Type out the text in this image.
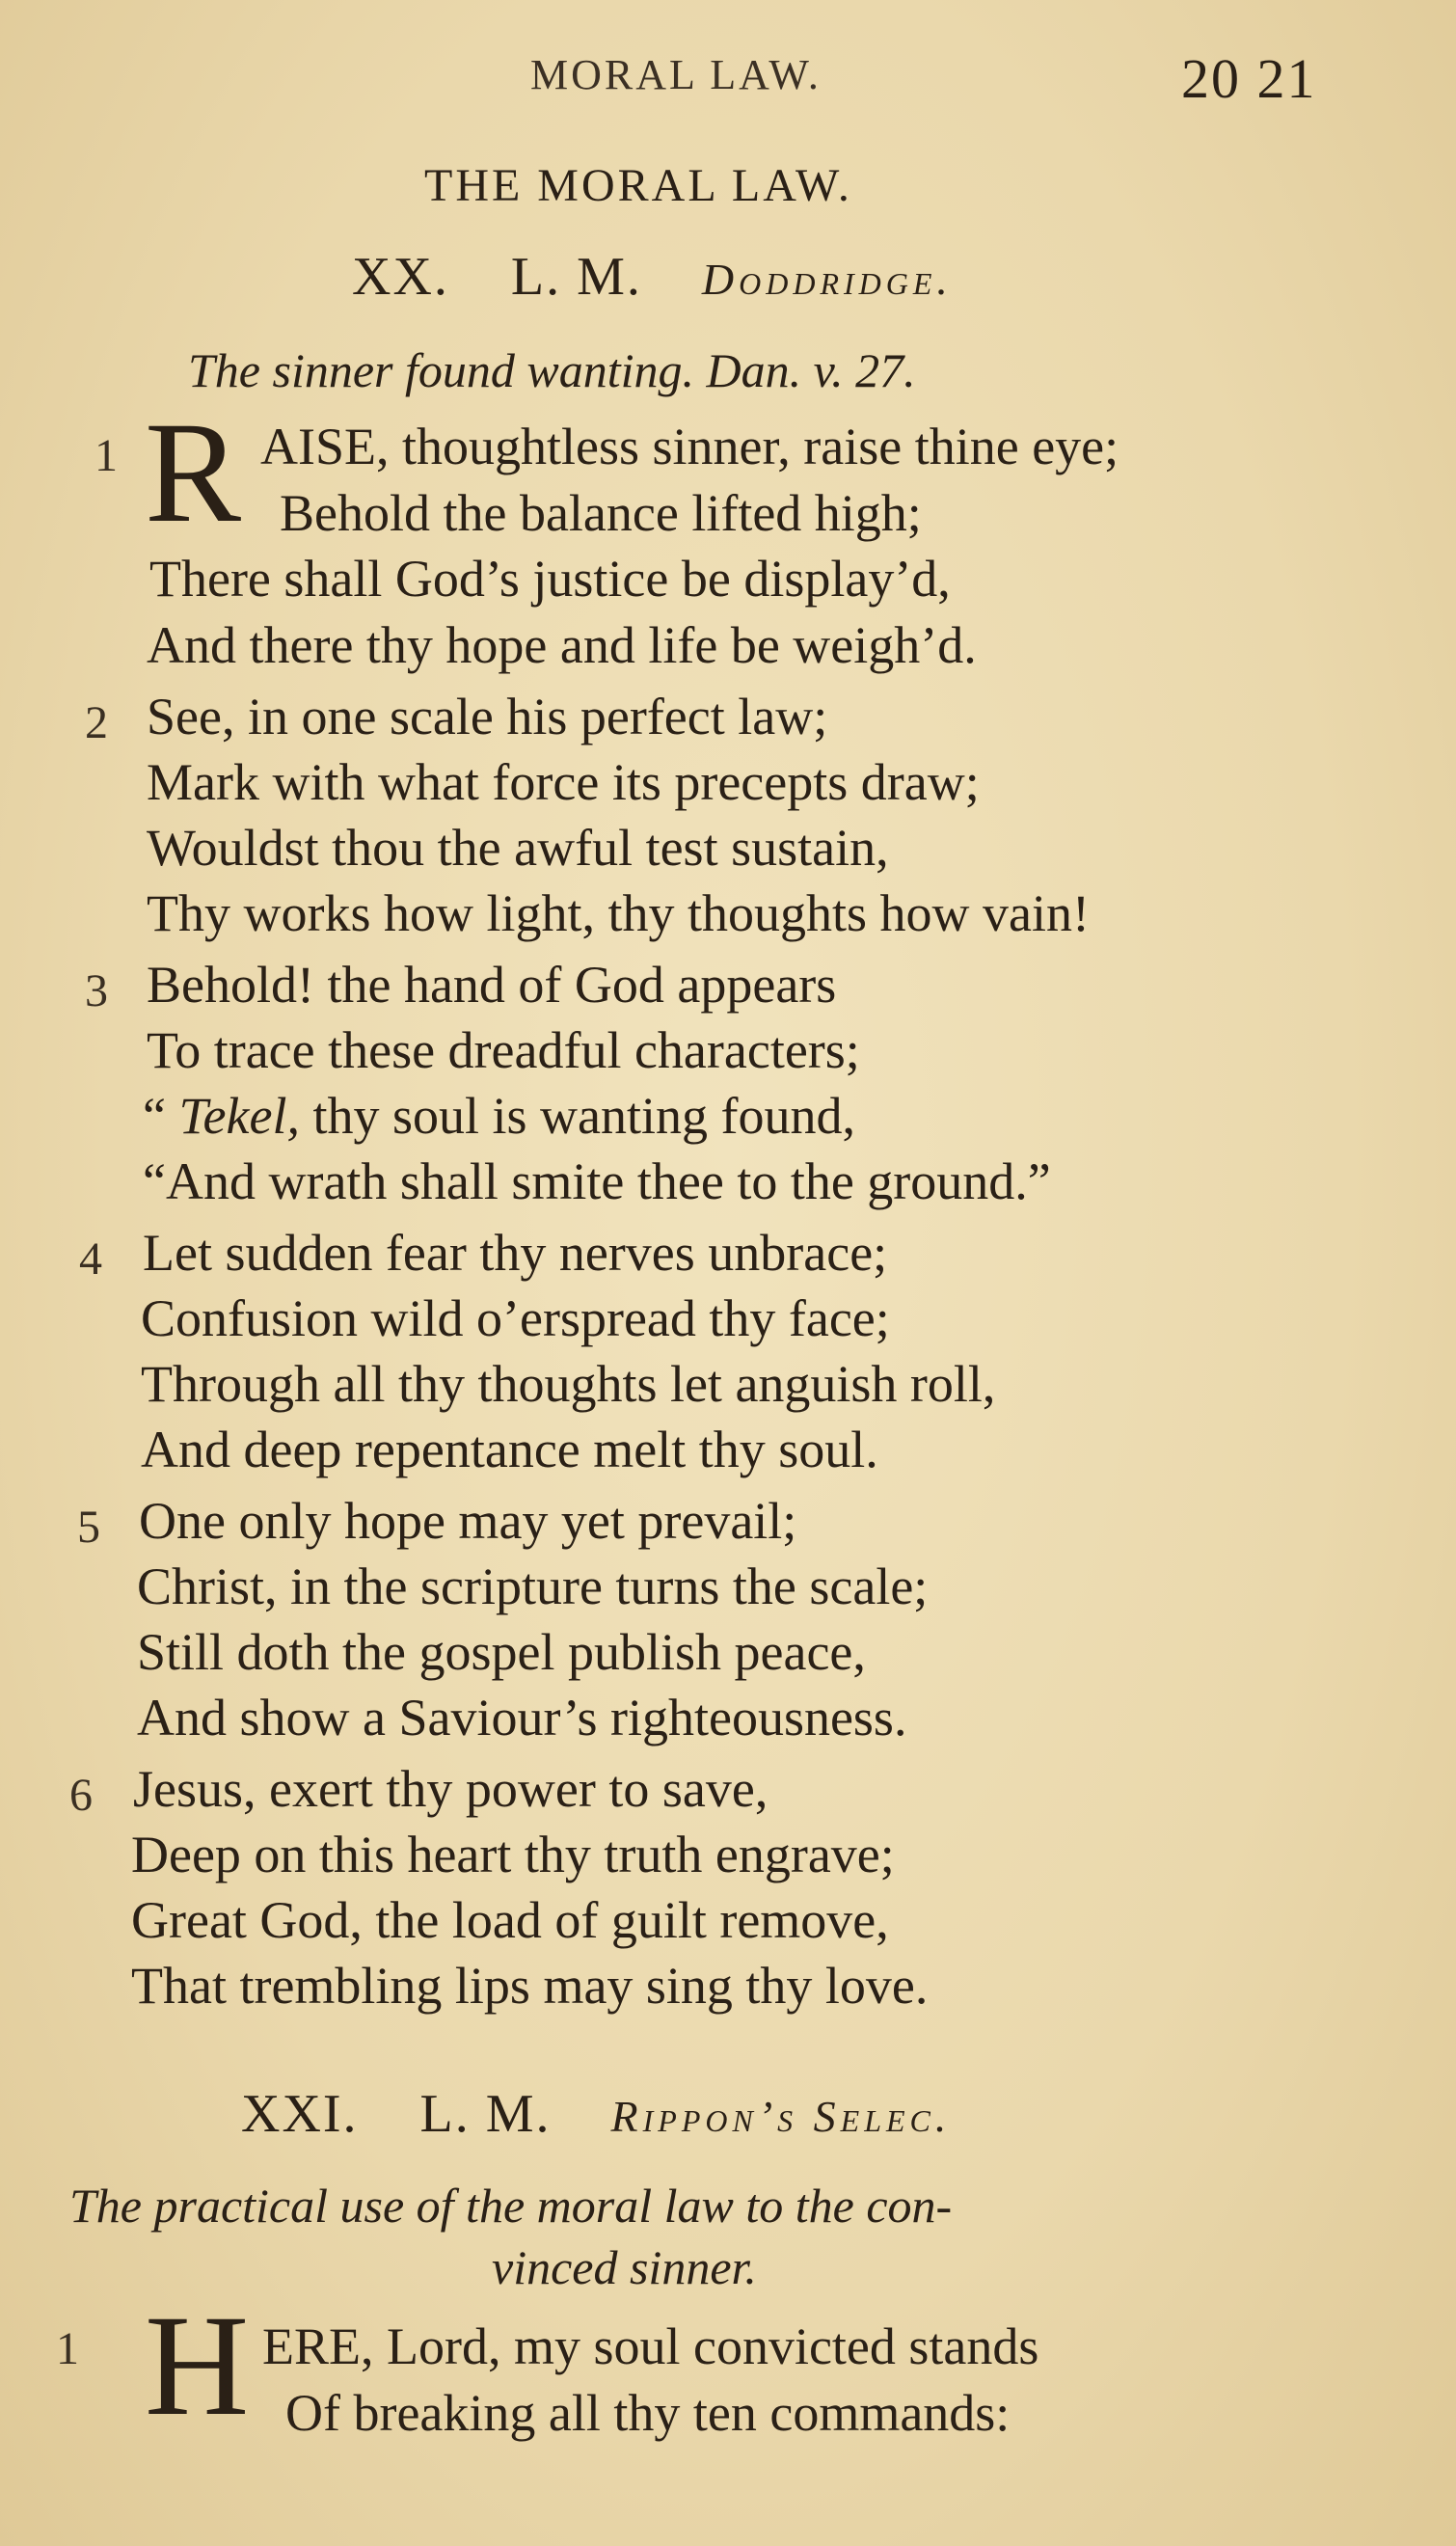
MORAL LAW.	20 21
THE MORAL LAW.
XX. L. M. Doddridge.
The sinner found wanting. Dan. v. 27.
1 R AISE, thoughtless sinner, raise thine eye;
Behold the balance lifted high;
There shall God’s justice be display’d,
And there thy hope and life be weigh’d.
2 See, in one scale his perfect law;
Mark with what force its precepts draw;
Wouldst thou the awful test sustain,
Thy works how light, thy thoughts how vain!
3 Behold! the hand of God appears
To trace these dreadful characters;
“ Tekel, thy soul is wanting found,
“And wrath shall smite thee to the ground.”
4 Let sudden fear thy nerves unbrace;
Confusion wild o’erspread thy face;
Through all thy thoughts let anguish roll,
And deep repentance melt thy soul.
5 One only hope may yet prevail;
Christ, in the scripture turns the scale;
Still doth the gospel publish peace,
And show a Saviour’s righteousness.
6 Jesus, exert thy power to save,
Deep on this heart thy truth engrave;
Great God, the load of guilt remove,
That trembling lips may sing thy love.
XXI. L. M. Rippon’s Selec.
The practical use of the moral law to the con-
vinced sinner.
1 H ERE, Lord, my soul convicted stands
Of breaking all thy ten commands:
